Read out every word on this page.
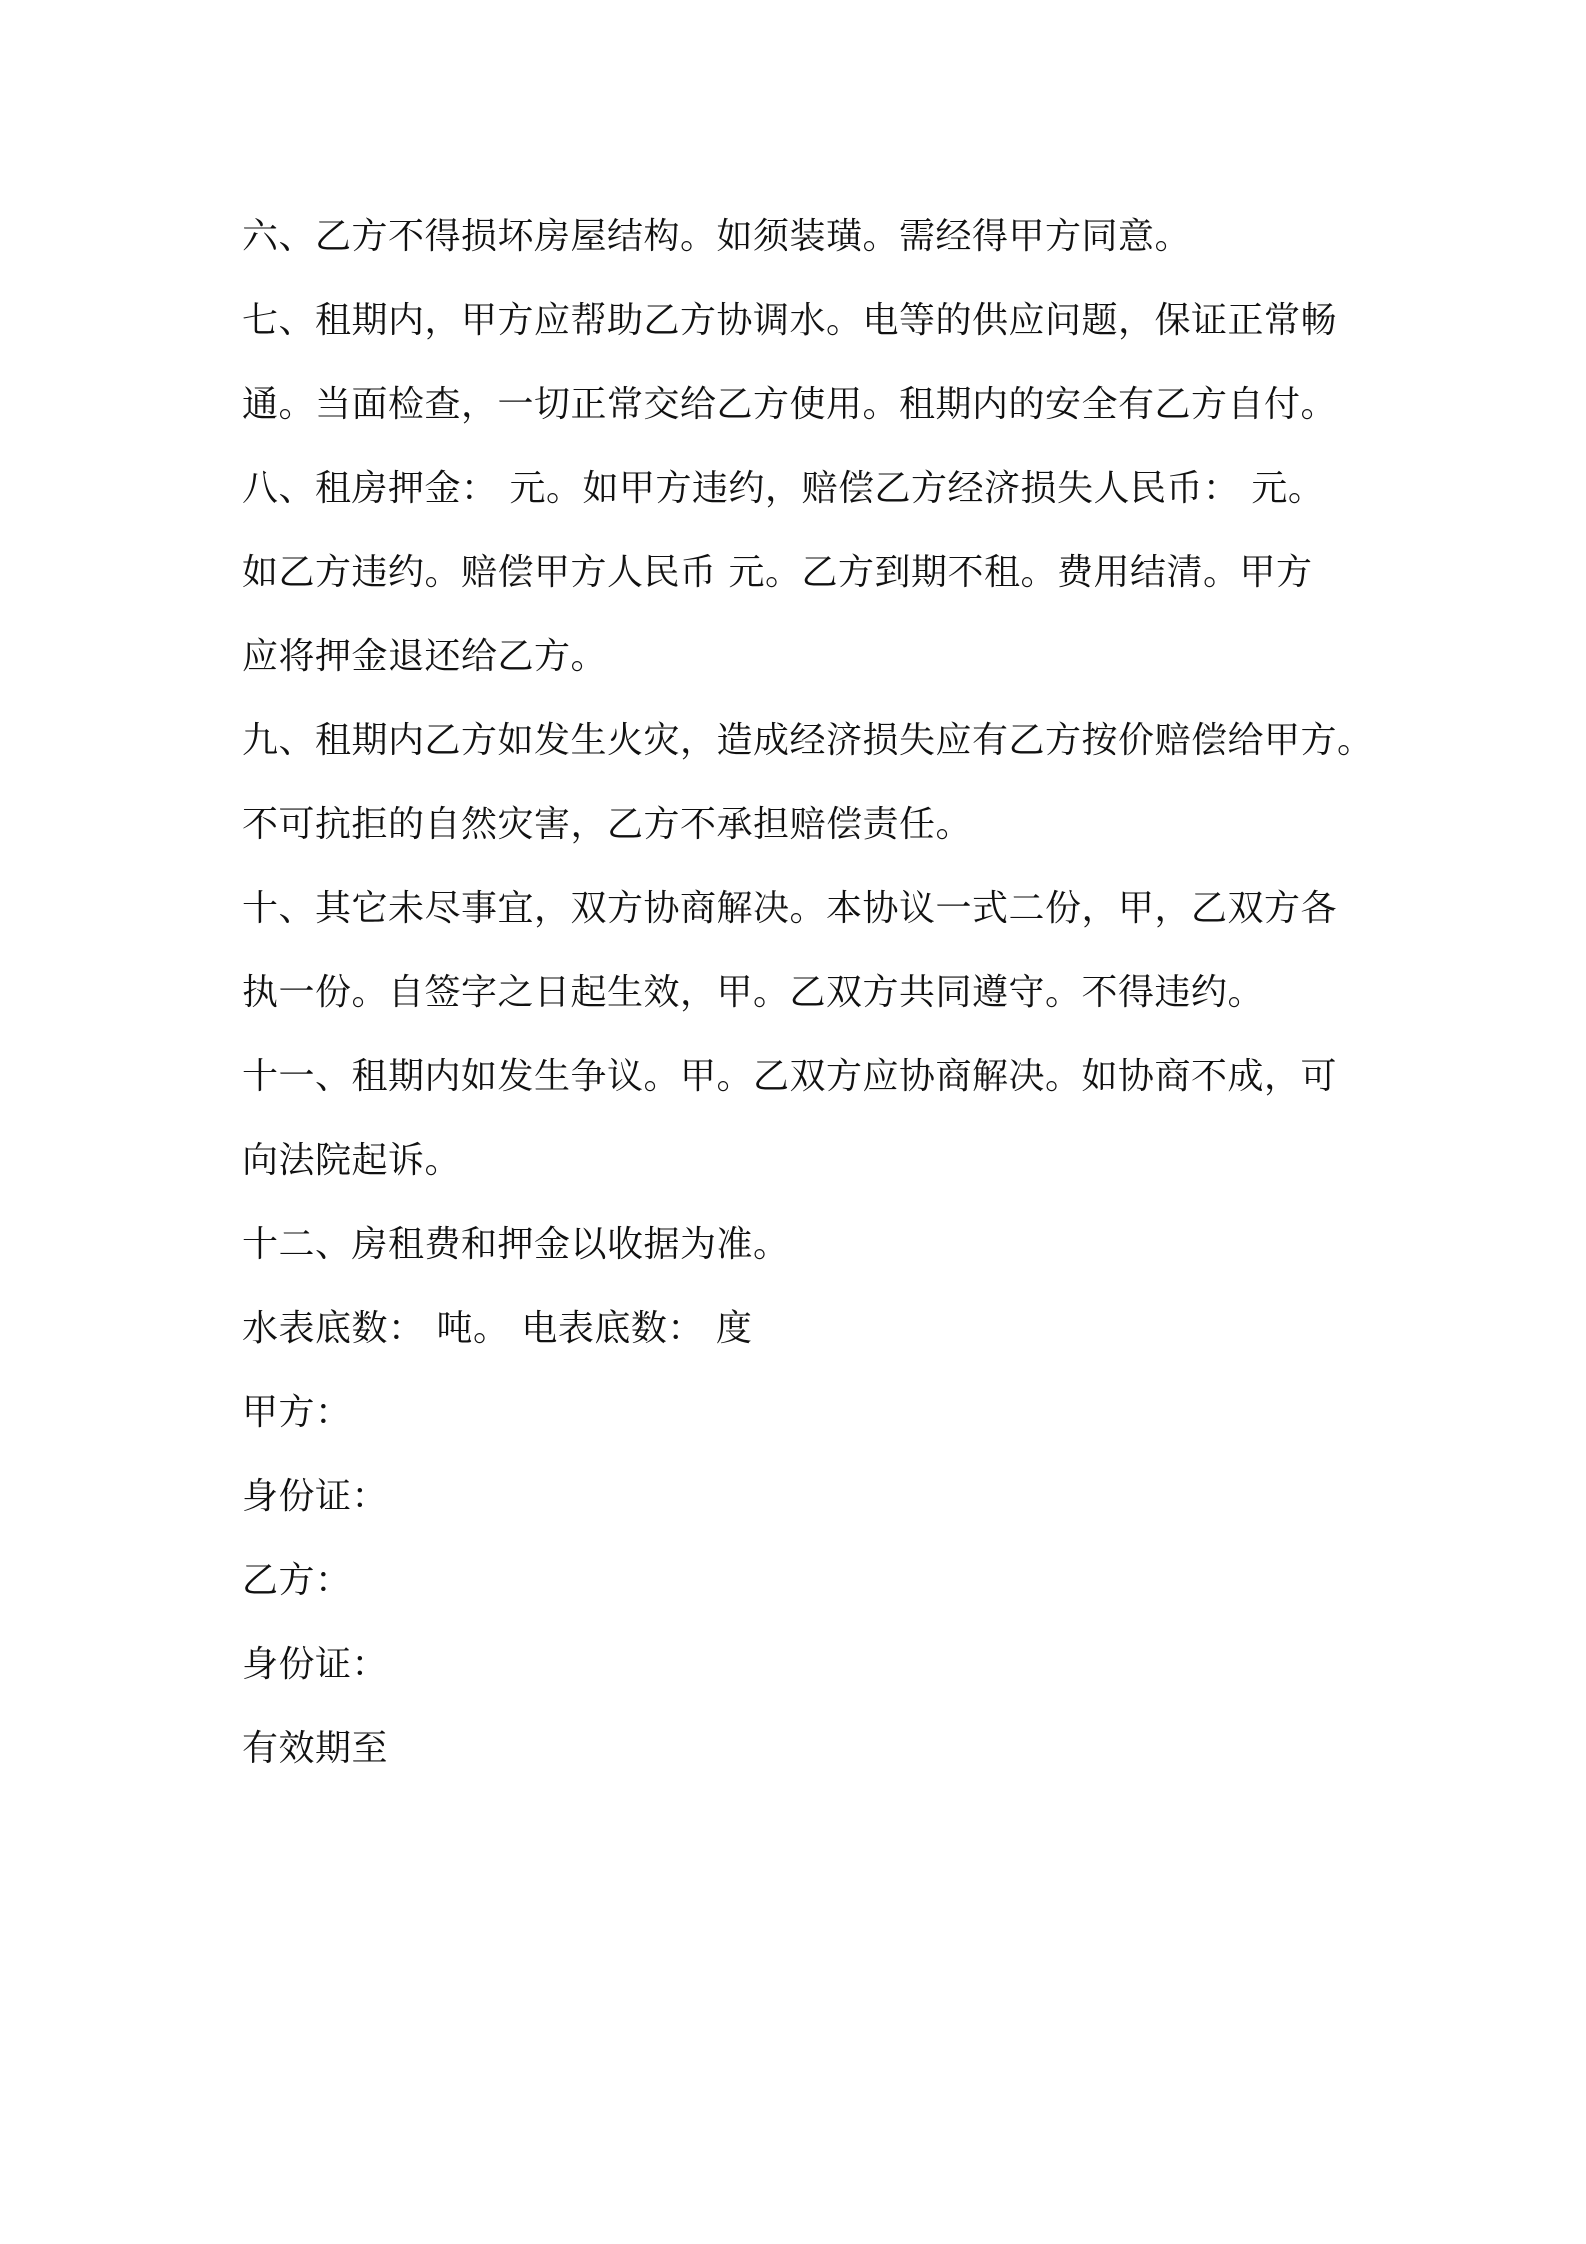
六、乙方不得损坏房屋结构。如须装璜。需经得甲方同意。
七、租期内，甲方应帮助乙方协调水。电等的供应问题，保证正常畅
通。当面检查，一切正常交给乙方使用。租期内的安全有乙方自付。
八、租房押金： 元。如甲方违约，赔偿乙方经济损失人民币： 元。
如乙方违约。赔偿甲方人民币 元。乙方到期不租。费用结清。甲方
应将押金退还给乙方。
九、租期内乙方如发生火灾，造成经济损失应有乙方按价赔偿给甲方。
不可抗拒的自然灾害，乙方不承担赔偿责任。
十、其它未尽事宜，双方协商解决。本协议一式二份，甲，乙双方各
执一份。自签字之日起生效，甲。乙双方共同遵守。不得违约。
十一、租期内如发生争议。甲。乙双方应协商解决。如协商不成，可
向法院起诉。
十二、房租费和押金以收据为准。
水表底数： 吨。 电表底数： 度
甲方：
身份证：
乙方：
身份证：
有效期至
